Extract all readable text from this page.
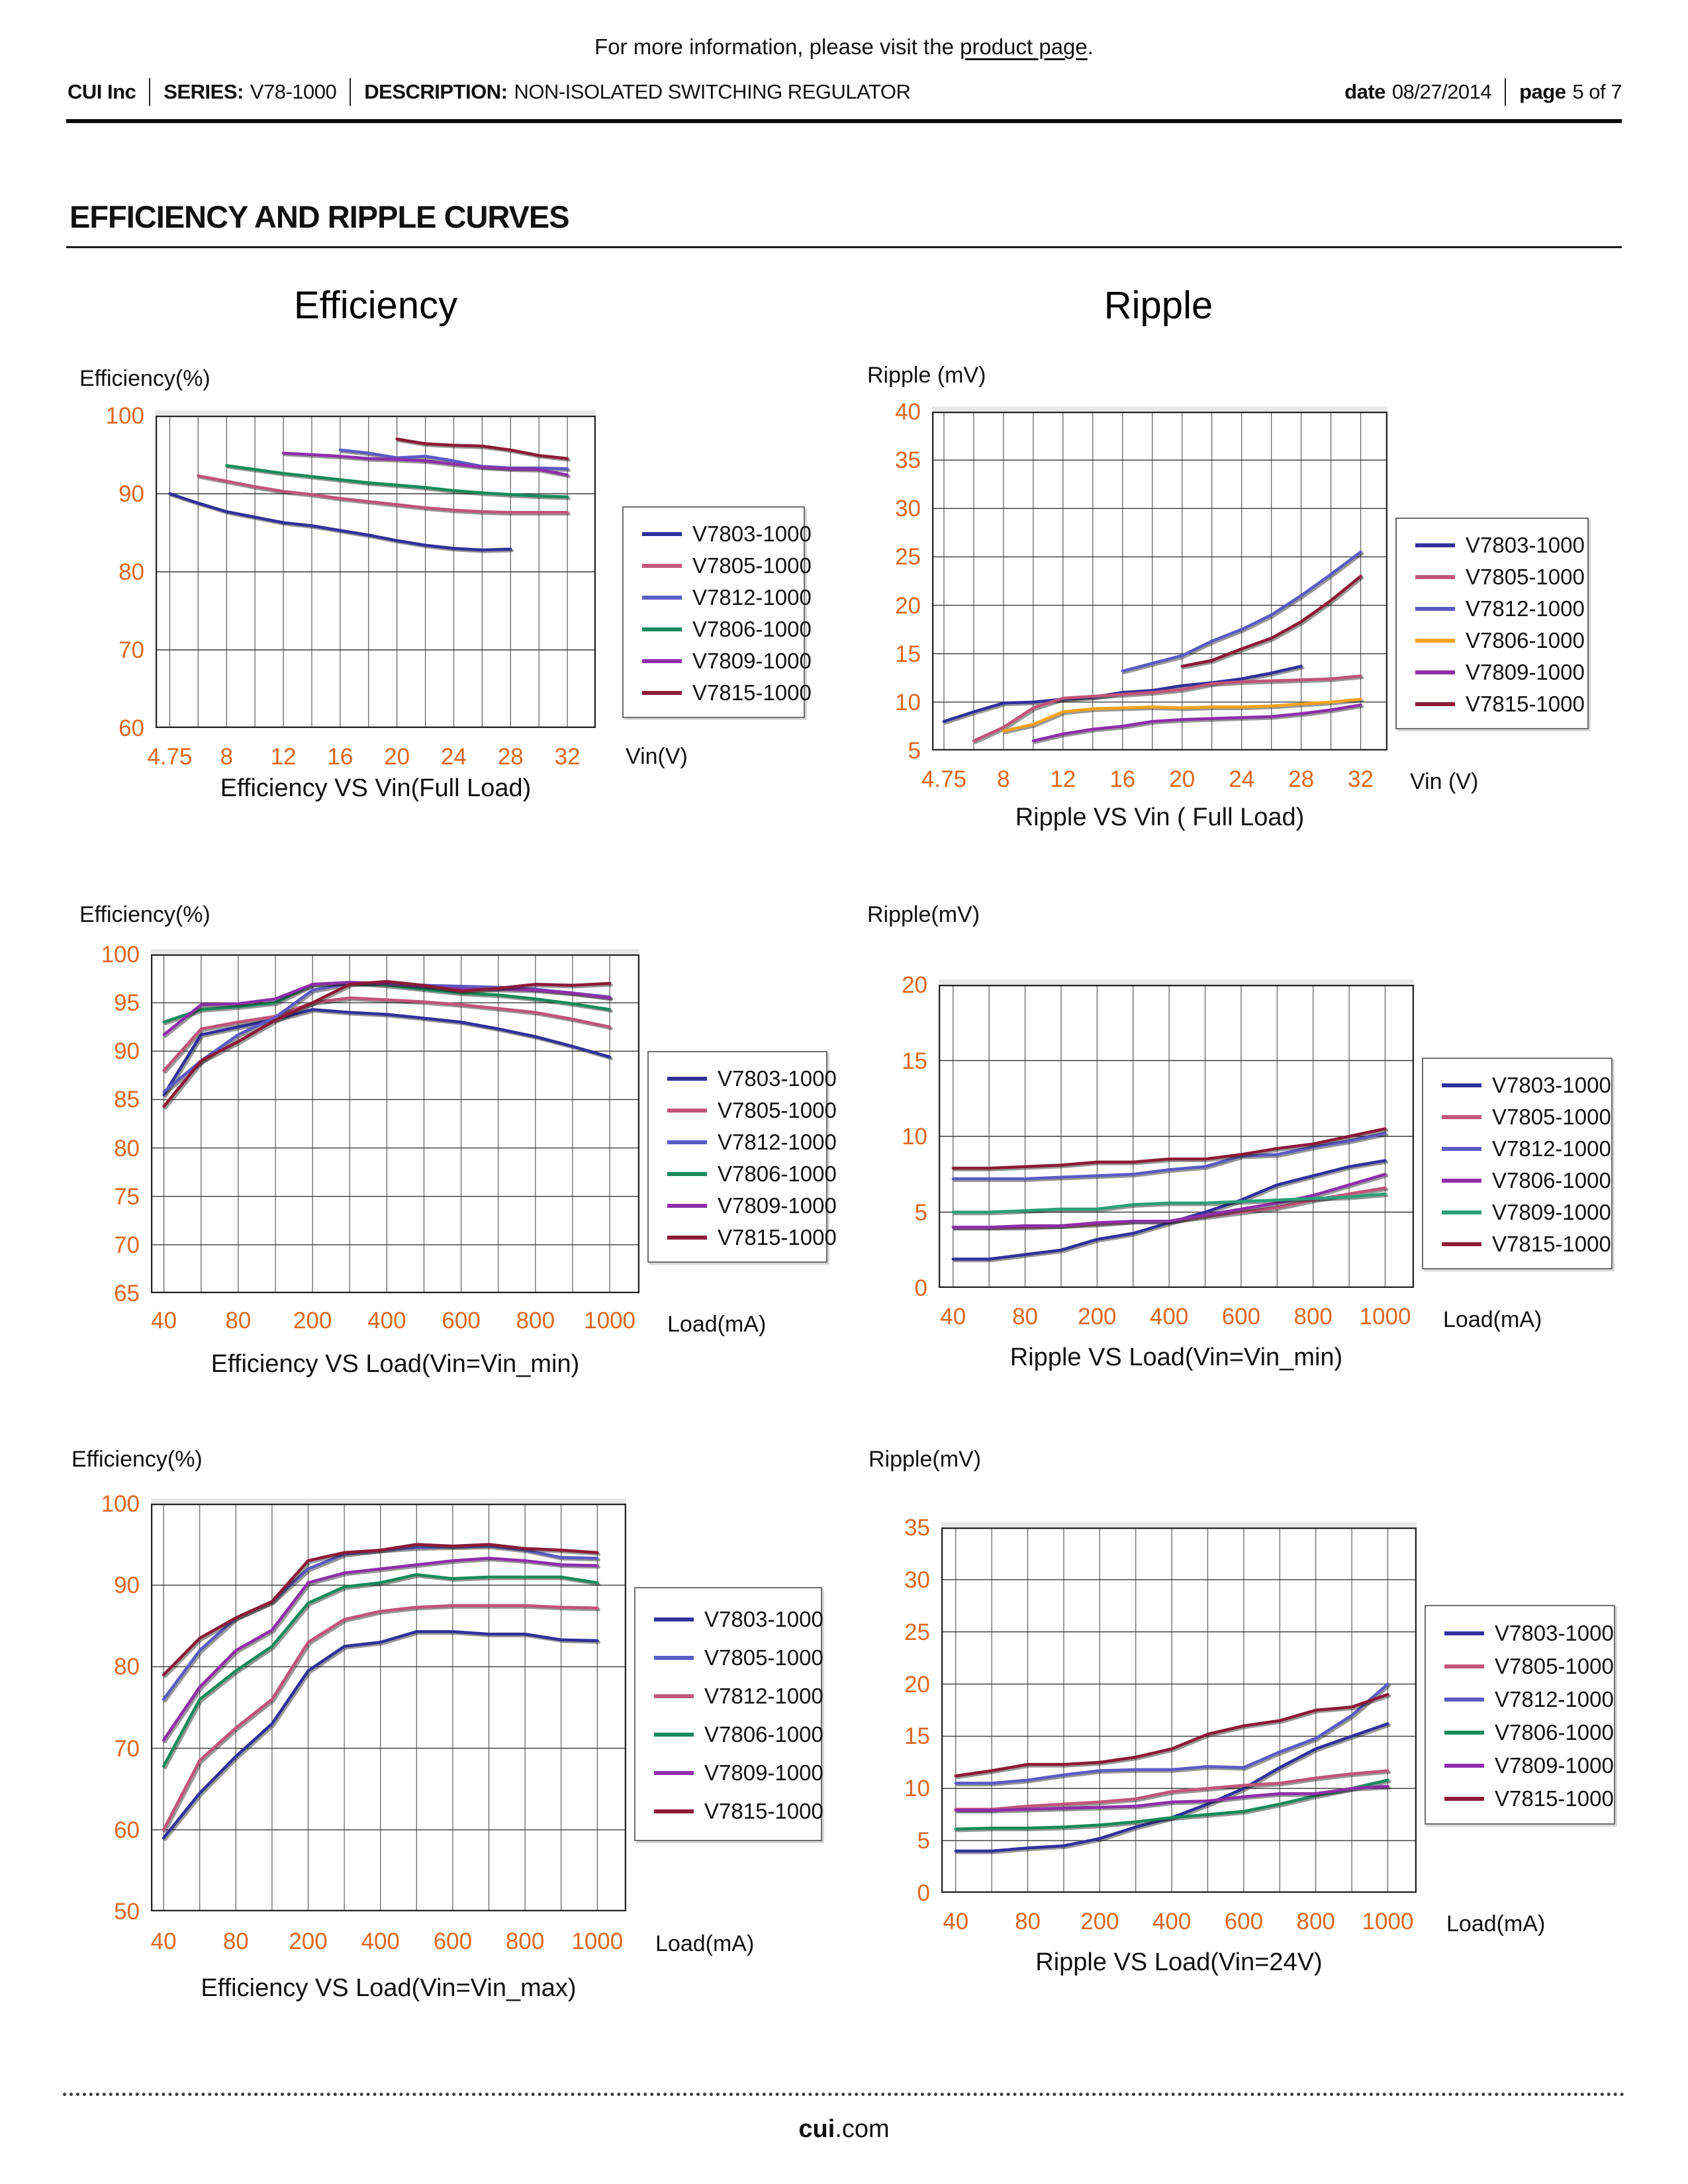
For more information, please visit the product page.
CUI Inc SERIES: V78-1000 DESCRIPTION: NON-ISOLATED SWITCHING REGULATOR	date 08/27/2014 page 5 of 7
EFFICIENCY AND RIPPLE CURVES
Efficiency	Ripple
Efficiency(%)
100
90
80
70
60
4.75	8	12	16	20	24	28	32	Vin(V)
Efficiency VS Vin(Full Load)
V7803-1000
V7805-1000
V7812-1000
V7806-1000
V7809-1000
V7815-1000
Ripple (mV)
40
35
30
25
20
15
10
5
4.75	8	12	16	20	24	28	32	Vin (V)
Ripple VS Vin ( Full Load)
V7803-1000
V7805-1000
V7812-1000
V7806-1000
V7809-1000
V7815-1000
Efficiency(%)
100
95
90
85
80
75
70
65
40	80	200	400	600	800	1000	Load(mA)
Efficiency VS Load(Vin=Vin_min)
V7803-1000
V7805-1000
V7812-1000
V7806-1000
V7809-1000
V7815-1000
Ripple(mV)
20
15
10
5
0
40	80	200	400	600	800	1000	Load(mA)
Ripple VS Load(Vin=Vin_min)
V7803-1000
V7805-1000
V7812-1000
V7806-1000
V7809-1000
V7815-1000
Efficiency(%)
100
90
80
70
60
50
40	80	200	400	600	800	1000	Load(mA)
Efficiency VS Load(Vin=Vin_max)
V7803-1000
V7805-1000
V7812-1000
V7806-1000
V7809-1000
V7815-1000
Ripple(mV)
35
30
25
20
15
10
5
0
40	80	200	400	600	800	1000	Load(mA)
Ripple VS Load(Vin=24V)
V7803-1000
V7805-1000
V7812-1000
V7806-1000
V7809-1000
V7815-1000
cui.com
